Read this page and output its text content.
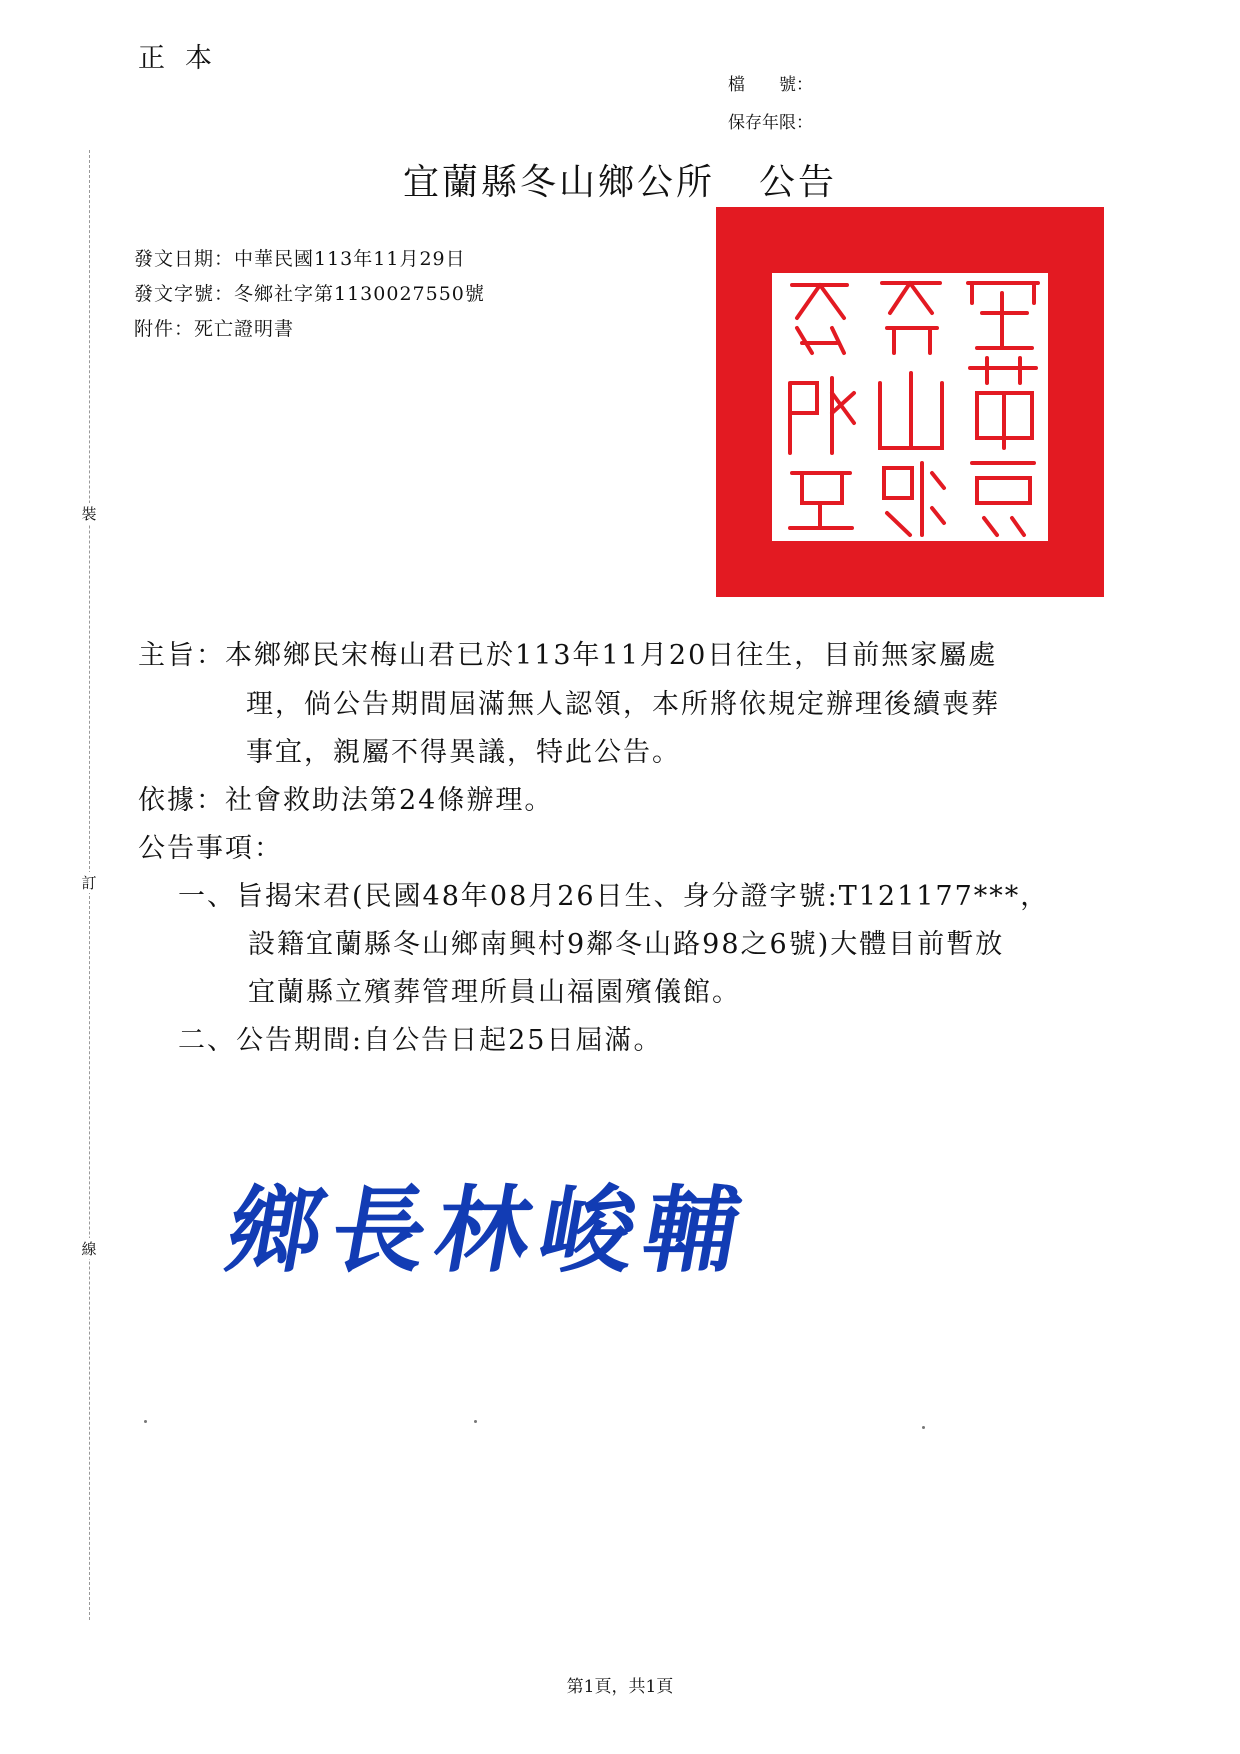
正本
檔　　號：
保存年限：
裝
訂
線
宜蘭縣冬山鄉公所 公告
發文日期：中華民國113年11月29日
發文字號：冬鄉社字第1130027550號
附件：死亡證明書
主旨：本鄉鄉民宋梅山君已於113年11月20日往生，目前無家屬處
理，倘公告期間屆滿無人認領，本所將依規定辦理後續喪葬
事宜，親屬不得異議，特此公告。
依據：社會救助法第24條辦理。
公告事項：
一、旨揭宋君(民國48年08月26日生、身分證字號:T121177***，
設籍宜蘭縣冬山鄉南興村9鄰冬山路98之6號)大體目前暫放
宜蘭縣立殯葬管理所員山福園殯儀館。
二、公告期間:自公告日起25日屆滿。
鄉長林峻輔
第1頁，共1頁
